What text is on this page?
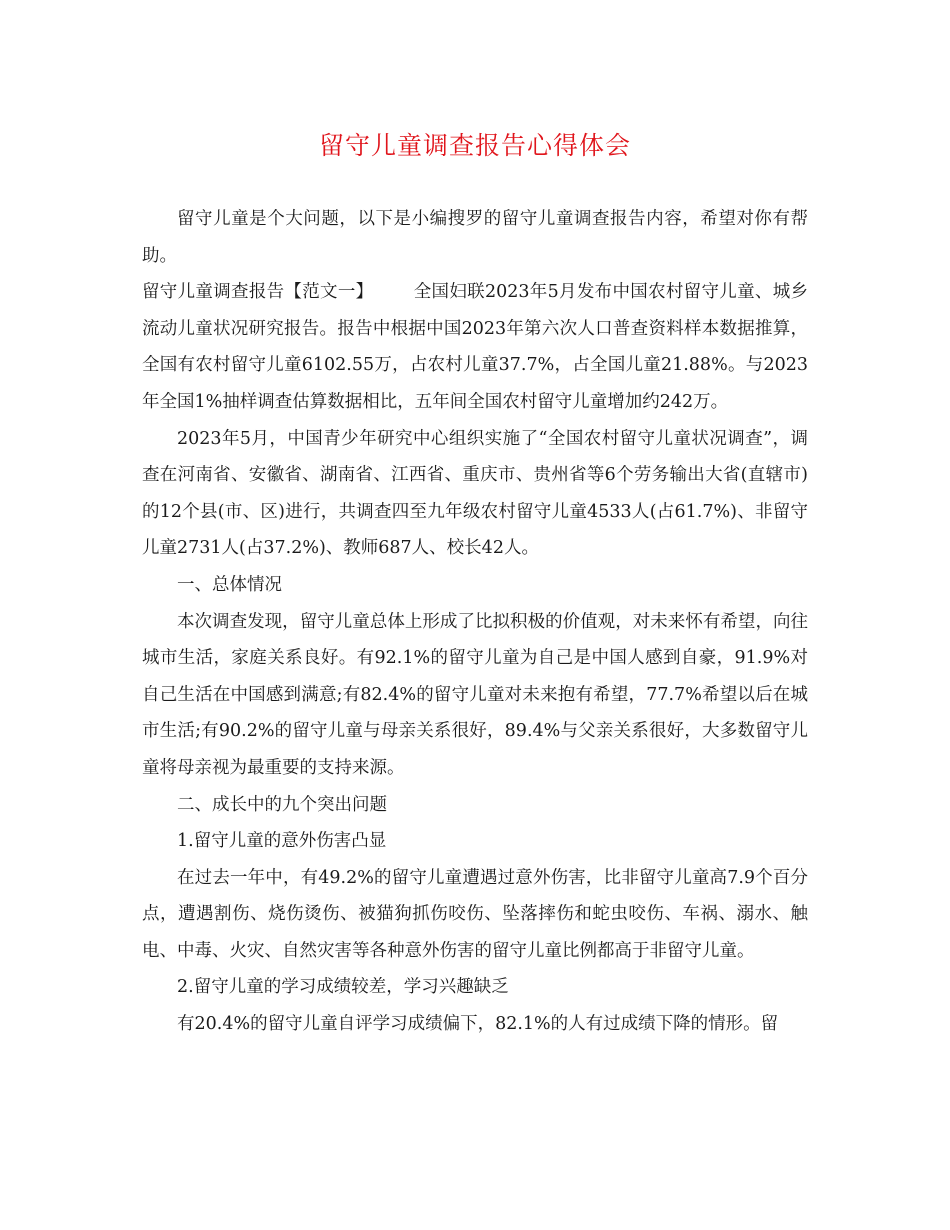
留守儿童调查报告心得体会

留守儿童是个大问题，以下是小编搜罗的留守儿童调查报告内容，希望对你有帮助。

留守儿童调查报告【范文一】 全国妇联2023年5月发布中国农村留守儿童、城乡流动儿童状况研究报告。报告中根据中国2023年第六次人口普查资料样本数据推算，全国有农村留守儿童6102.55万，占农村儿童37.7%，占全国儿童21.88%。与2023年全国1%抽样调查估算数据相比，五年间全国农村留守儿童增加约242万。

2023年5月，中国青少年研究中心组织实施了“全国农村留守儿童状况调查”，调查在河南省、安徽省、湖南省、江西省、重庆市、贵州省等6个劳务输出大省(直辖市)的12个县(市、区)进行，共调查四至九年级农村留守儿童4533人(占61.7%)、非留守儿童2731人(占37.2%)、教师687人、校长42人。

一、总体情况

本次调查发现，留守儿童总体上形成了比拟积极的价值观，对未来怀有希望，向往城市生活，家庭关系良好。有92.1%的留守儿童为自己是中国人感到自豪，91.9%对自己生活在中国感到满意;有82.4%的留守儿童对未来抱有希望，77.7%希望以后在城市生活;有90.2%的留守儿童与母亲关系很好，89.4%与父亲关系很好，大多数留守儿童将母亲视为最重要的支持来源。

二、成长中的九个突出问题

1.留守儿童的意外伤害凸显

在过去一年中，有49.2%的留守儿童遭遇过意外伤害，比非留守儿童高7.9个百分点，遭遇割伤、烧伤烫伤、被猫狗抓伤咬伤、坠落摔伤和蛇虫咬伤、车祸、溺水、触电、中毒、火灾、自然灾害等各种意外伤害的留守儿童比例都高于非留守儿童。

2.留守儿童的学习成绩较差，学习兴趣缺乏

有20.4%的留守儿童自评学习成绩偏下，82.1%的人有过成绩下降的情形。留
